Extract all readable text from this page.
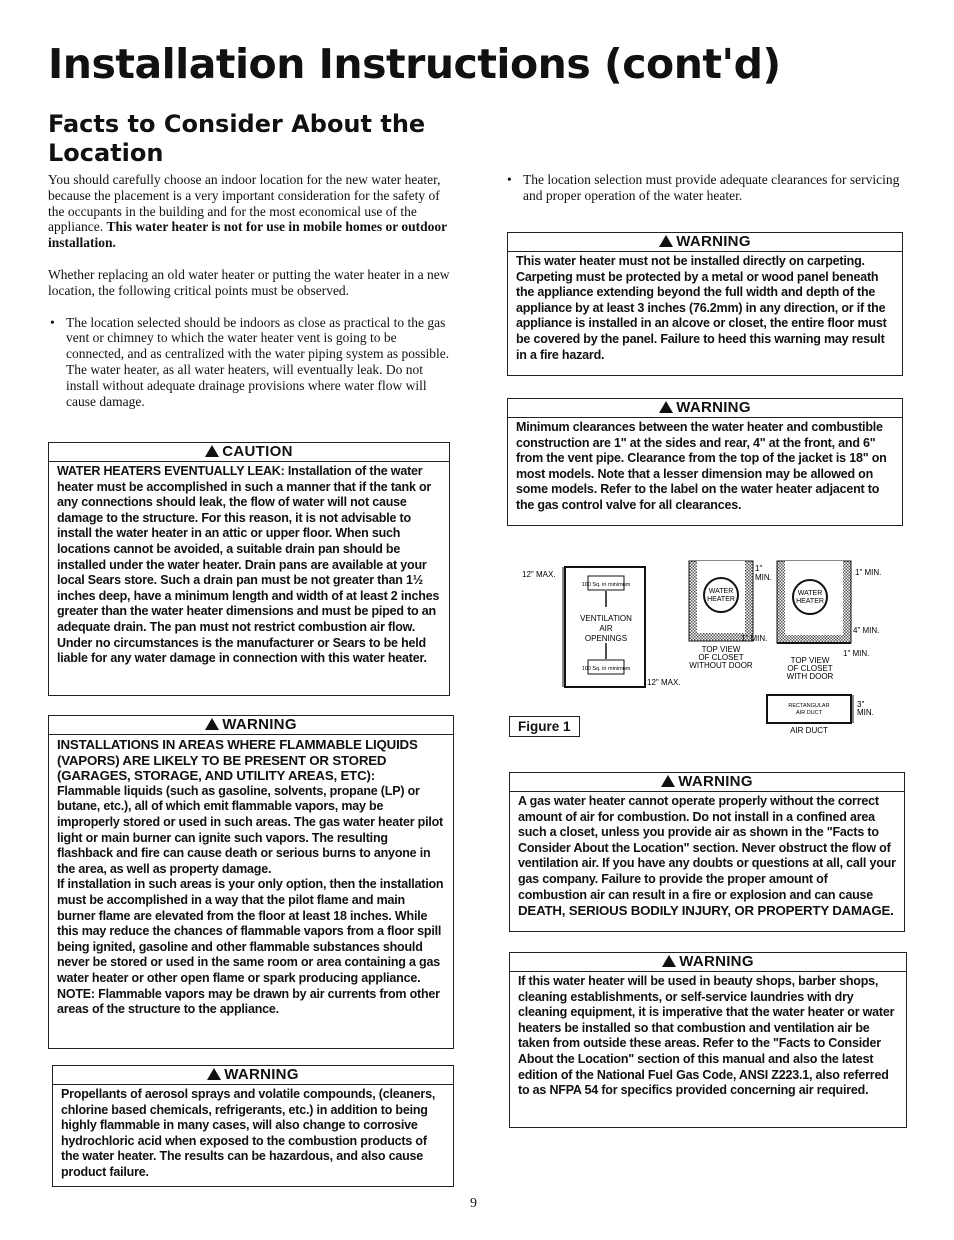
Installation Instructions (cont'd)
Facts to Consider About the Location

You should carefully choose an indoor location for the new water heater, because the placement is a very important consideration for the safety of the occupants in the building and for the most economical use of the appliance. This water heater is not for use in mobile homes or outdoor installation.

Whether replacing an old water heater or putting the water heater in a new location, the following critical points must be observed.

• The location selected should be indoors as close as practical to the gas vent or chimney to which the water heater vent is going to be connected, and as centralized with the water piping system as possible. The water heater, as all water heaters, will eventually leak. Do not install without adequate drainage provisions where water flow will cause damage.

CAUTION
WATER HEATERS EVENTUALLY LEAK: Installation of the water heater must be accomplished in such a manner that if the tank or any connections should leak, the flow of water will not cause damage to the structure. For this reason, it is not advisable to install the water heater in an attic or upper floor. When such locations cannot be avoided, a suitable drain pan should be installed under the water heater. Drain pans are available at your local Sears store. Such a drain pan must be not greater than 1½ inches deep, have a minimum length and width of at least 2 inches greater than the water heater dimensions and must be piped to an adequate drain. The pan must not restrict combustion air flow. Under no circumstances is the manufacturer or Sears to be held liable for any water damage in connection with this water heater.
WARNING

INSTALLATIONS IN AREAS WHERE FLAMMABLE LIQUIDS (VAPORS) ARE LIKELY TO BE PRESENT OR STORED (GARAGES, STORAGE, AND UTILITY AREAS, ETC):

Flammable liquids (such as gasoline, solvents, propane (LP) or butane, etc.), all of which emit flammable vapors, may be improperly stored or used in such areas. The gas water heater pilot light or main burner can ignite such vapors. The resulting flashback and fire can cause death or serious burns to anyone in the area, as well as property damage.

If installation in such areas is your only option, then the installation must be accomplished in a way that the pilot flame and main burner flame are elevated from the floor at least 18 inches. While this may reduce the chances of flammable vapors from a floor spill being ignited, gasoline and other flammable substances should never be stored or used in the same room or area containing a gas water heater or other open flame or spark producing appliance.

NOTE: Flammable vapors may be drawn by air currents from other areas of the structure to the appliance.

WARNING
Propellants of aerosol sprays and volatile compounds, (cleaners, chlorine based chemicals, refrigerants, etc.) in addition to being highly flammable in many cases, will also change to corrosive hydrochloric acid when exposed to the combustion products of the water heater. The results can be hazardous, and also cause product failure.

• The location selection must provide adequate clearances for servicing and proper operation of the water heater.

WARNING
This water heater must not be installed directly on carpeting. Carpeting must be protected by a metal or wood panel beneath the appliance extending beyond the full width and depth of the appliance by at least 3 inches (76.2mm) in any direction, or if the appliance is installed in an alcove or closet, the entire floor must be covered by the panel. Failure to heed this warning may result in a fire hazard.
WARNING
Minimum clearances between the water heater and combustible construction are 1" at the sides and rear, 4" at the front, and 6" from the vent pipe. Clearance from the top of the jacket is 18" on most models. Note that a lesser dimension may be allowed on some models. Refer to the label on the water heater adjacent to the gas control valve for all clearances.
100 Sq. in minimum
100 Sq. in minimum
VENTILATION
AIR
OPENINGS
12" MAX.
12" MAX.
WATER
HEATER
1"
MIN.
1" MIN.
TOP VIEW
OF CLOSET
WITHOUT DOOR
WATER
HEATER
1" MIN.
4" MIN.
1" MIN.
TOP VIEW
OF CLOSET
WITH DOOR
RECTANGULAR
AIR DUCT
3"
MIN.
AIR DUCT
Figure 1
WARNING
A gas water heater cannot operate properly without the correct amount of air for combustion. Do not install in a confined area such a closet, unless you provide air as shown in the "Facts to Consider About the Location" section. Never obstruct the flow of ventilation air. If you have any doubts or questions at all, call your gas company. Failure to provide the proper amount of combustion air can result in a fire or explosion and can cause DEATH, SERIOUS BODILY INJURY, OR PROPERTY DAMAGE.
WARNING
If this water heater will be used in beauty shops, barber shops, cleaning establishments, or self-service laundries with dry cleaning equipment, it is imperative that the water heater or water heaters be installed so that combustion and ventilation air be taken from outside these areas. Refer to the "Facts to Consider About the Location" section of this manual and also the latest edition of the National Fuel Gas Code, ANSI Z223.1, also referred to as NFPA 54 for specifics provided concerning air required.
9
